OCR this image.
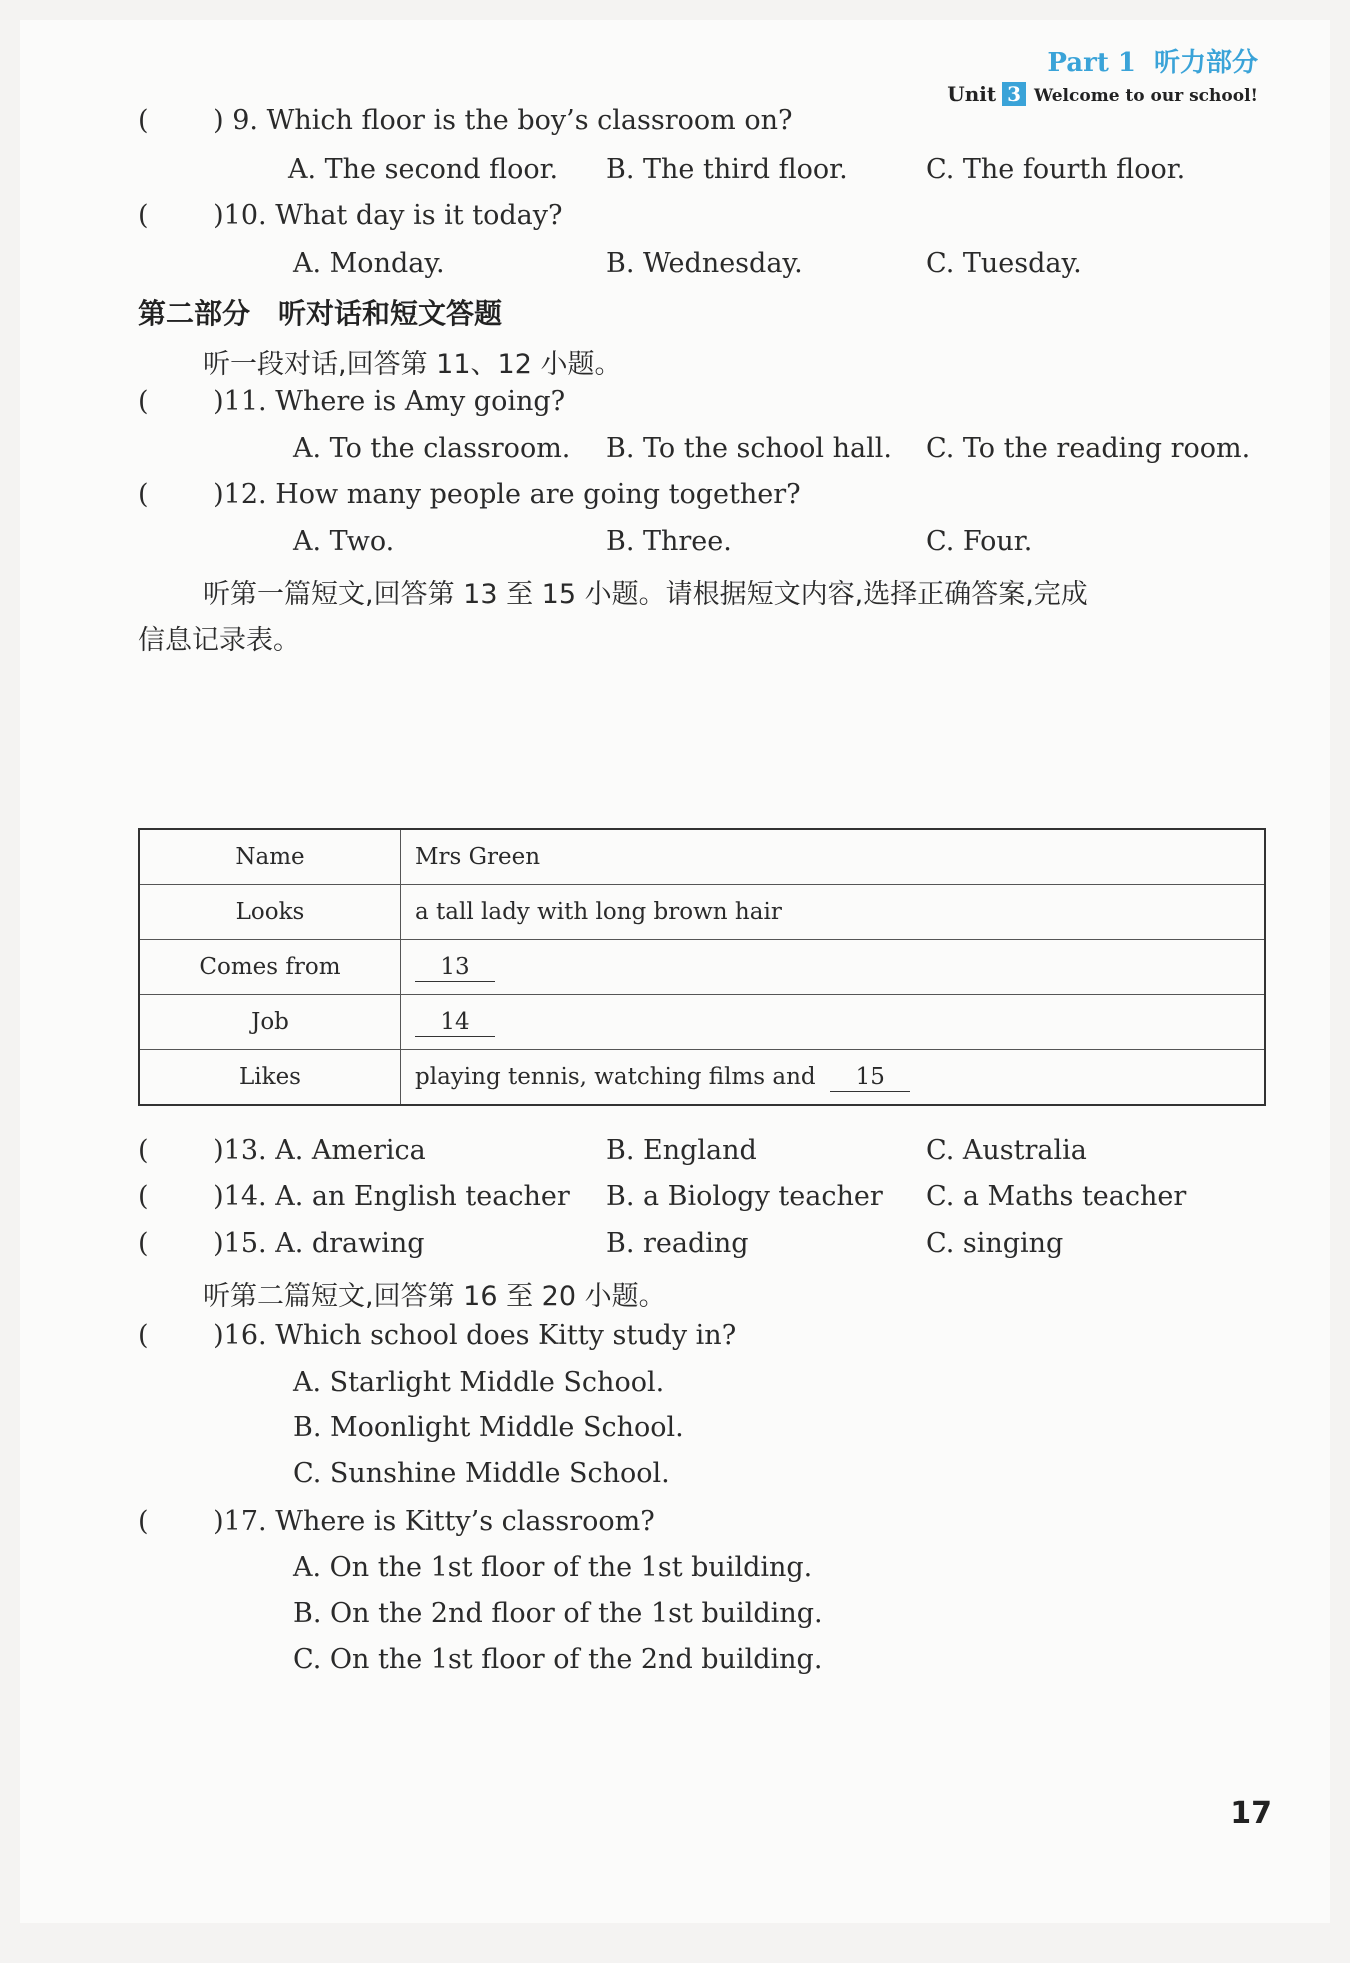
Part 1 听力部分
Unit 3 Welcome to our school!
( ) 9. Which floor is the boy’s classroom on?
A. The second floor. B. The third floor.	C. The fourth floor.
( )10. What day is it today?
A. Monday.	B. Wednesday.	C. Tuesday.
第二部分　听对话和短文答题
听一段对话,回答第 11、12 小题。
( )11. Where is Amy going?
A. To the classroom. B. To the school hall. C. To the reading room.
( )12. How many people are going together?
A. Two.	B. Three.	C. Four.
听第一篇短文,回答第 13 至 15 小题。请根据短文内容,选择正确答案,完成
信息记录表。
Name	Mrs Green
Looks	a tall lady with long brown hair
Comes from	13
Job	14
Likes	playing tennis, watching films and 15
( )13. A. America	B. England	C. Australia
( )14. A. an English teacher B. a Biology teacher C. a Maths teacher
( )15. A. drawing	B. reading	C. singing
听第二篇短文,回答第 16 至 20 小题。
( )16. Which school does Kitty study in?
A. Starlight Middle School.
B. Moonlight Middle School.
C. Sunshine Middle School.
( )17. Where is Kitty’s classroom?
A. On the 1st floor of the 1st building.
B. On the 2nd floor of the 1st building.
C. On the 1st floor of the 2nd building.
17
